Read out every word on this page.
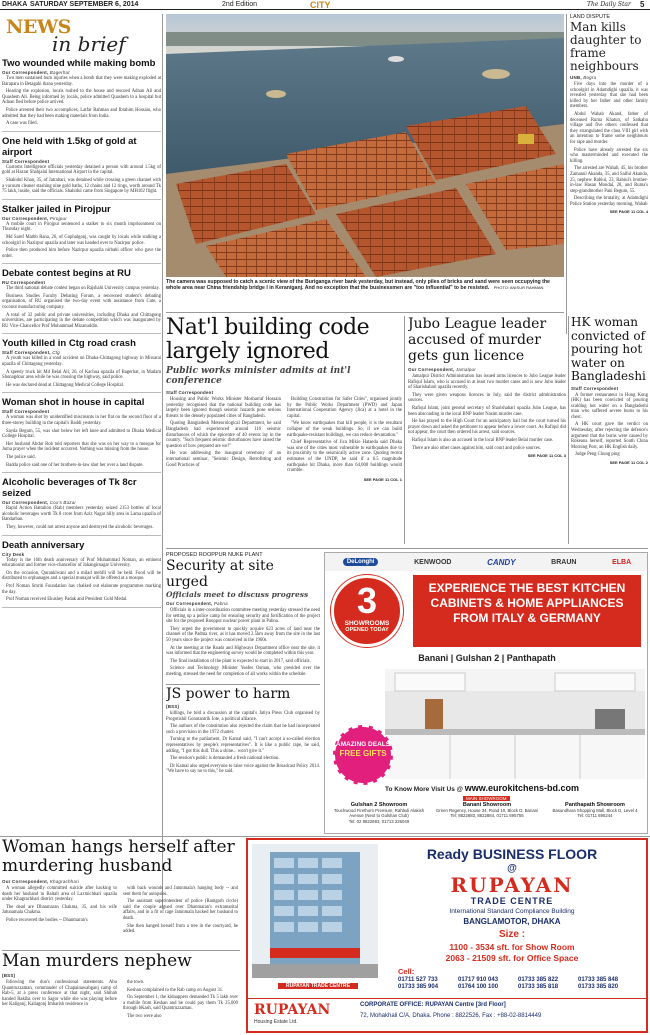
DHAKA SATURDAY SEPTEMBER 6, 2014	2nd Edition	CITY	The Daily Star 5
NEWS
in brief
Two wounded while making bomb
Our Correspondent, Bagerhat

Two men sustained burn injuries when a bomb that they were making exploded at Barapara in Betagahi thana yesterday.

Hearing the explosion, locals rushed to the house and rescued Adnan Ali and Quashem Ali. Being informed by locals, police admitted Quashem to a hospital but Adnan fled before police arrived.

Police arrested their two accomplices, Latfar Rahman and Ibrahim Hossain, who admitted that they had been making materials from India.

A case was filed.

One held with 1.5kg of gold at airport
Staff Correspondent

Customs Intelligence officials yesterday detained a person with around 1.5kg of gold at Hazrat Shahjalal International Airport in the capital.

Shahidul Khan, 35, of Jatrabari, was detained while crossing a green channel with a vacuum cleaner stashing nine gold baths, 12 chains and 12 rings, worth around Tk 75 lakh, inside, said the officials. Shahidul came from Singapore by MH102 flight.

Stalker jailed in Pirojpur
Our Correspondent, Pirojpur

A mobile court in Pirojpur sentenced a stalker to six month imprisonment on Thursday night.

Md Saref Matbb Rana, 26, of Gophalgonj, was caught by locals while stalking a schoolgirl in Nazirpur upazila and later was handed over to Nazirpur police.

Police then produced him before Nazirpur upazila nirbahi officer who gave the order.

Debate contest begins at RU
RU Correspondent

The third national debate contest began on Rajshahi University campus yesterday.

Business Studies Faculty Debating Forum, a renowned student's debating organisation, of RU organised the two-day event with assistance from Cute, a coconut manufacturing company.

A total of 32 public and private universities, including Dhaka and Chittagong universities, are participating in the debate competition which was inaugurated by RU Vice-Chancellor Prof Muhammad Mizanuddin.

Youth killed in Ctg road crash
Staff Correspondent, Ctg

A youth was killed in a road accident on Dhaka-Chittagong highway in Mirsarai upazila of Chittagong yesterday.

A speedy truck hit Md Belal Ali, 26, of Kachua upazila of Bagerhat, in Madam Shonagdour area while he was crossing the highway, said police.

He was declared dead at Chittagong Medical College Hospital.

Woman shot in house in capital
Staff Correspondent

A woman was shot by unidentified miscreants in her flat on the second floor of a three-storey building in the capital's Baddi yesterday.

Sayda Begum, 55, was shot below her left knee and admitted to Dhaka Medical College Hospital.

Her husband Abdur Rob told reporters that she was on her way to a mosque for Juma prayer when the incident occurred. Nothing was missing from the house.

The police said.

Badda police said one of her brothers-in-law shot her over a land dispute.

Alcoholic beverages of Tk 8cr seized
Our Correspondent, Cox's Bazar

Rapid Action Battalion (Rab) members yesterday seized 2153 bottles of local alcoholic beverages worth Tk 8 crore from Aziz Nagar hilly area in Lama upazila of Bandarban.

They, however, could not arrest anyone and destroyed the alcoholic beverages.

Death anniversary
City Desk

Today is the 16th death anniversary of Prof Muhammad Noman, an eminent educationist and former vice-chancellor of Jahangirnagar University.

On the occasion, Quranklwani and a milad mehfil will be held. Food will be distributed to orphanages and a special munajat will be offered at a mosque.

Prof Noman Smriti Foundation has chalked out elaborate programmes marking the day.

Prof Noman received Ekushey Padak and President Gold Medal.

The camera was supposed to catch a scenic view of the Buriganga river bank yesterday, but instead, only piles of bricks and sand were seen occupying the whole area near China friendship bridge I in Keraniganj. And no exception that the businessmen are "too influential" to be resisted. PHOTO: ANISUR RAHMAN
LAND DISPUTE
Man kills daughter to frame neighbours
UNB, Bogra

Five days into the murder of a schoolgirl in Adamdighi upazila, it was revealed yesterday that she had been killed by her father and other family members.

Abdul Wahab Akand, father of deceased Ruma Khatun, of Satkahu village and five others confessed that they strangulated the class VIII girl with an intention to frame some neighbours for rape and murder.

Police have already arrested the six who masterminded and executed the killing.

The arrested are Wahab, 45, his brother Zamanul Akanda, 35, and Saiful Akanda, 25, nephew Rabiul, 23, Rabiul's brother-in-law Hasan Mondal, 28, and Ruma's step-grandmother Pani Begum, 55.

Describing the brutality, at Adamdighi Police Station yesterday morning, Wahab

SEE PAGE 11 COL 4
Nat'l building code largely ignored
Public works minister admits at int'l conference
Staff Correspondent

Housing and Public Works Minister Mosharraf Hossain yesterday recognised that the national building code has largely been ignored though seismic hazards pose serious threats to the densely populated cities of Bangladesh.

Quoting Bangladesh Meteorological Department, he said Bangladesh had experienced around 116 seismic disturbances of which the epicentre of 40 events lay in the country. "Such frequent seismic disturbances have raised the question of how prepared are we?"

He was addressing the inaugural ceremony of an international seminar, "Seismic Design, Retrofitting and Good Practices of

Building Construction for Safer Cities", organised jointly by the Public Works Department (PWD) and Japan International Cooperation Agency (Jica) at a hotel in the capital.

"We know earthquakes that kill people, it is the resultant collapse of the weak buildings. So, if we can build earthquake-resistant buildings, we can reduce devastation."

Chief Representative of Jica Mikio Hataeda said Dhaka was one of the cities most vulnerable to earthquakes due to its proximity to the seismically active zone. Quoting recent estimates of the UNDP, he said if a 6.5 magnitude earthquake hit Dhaka, more than 64,000 buildings would crumble.

SEE PAGE 11 COL 1
Jubo League leader accused of murder gets gun licence
Our Correspondent, Jamalpur

Jamalpur District Administration has issued arms licences to Jubo League leader Rafiqul Islam, who is accused in at least two murder cases and is now Jubo leader of Sharishabari upazila recently.

They were given weapons licences in July, said the district administration sources.

Rafiqul Islam, joint general secretary of Sharishabari upazila Jubo League, has been absconding in the local BNP leader Nasim murder case.

He has prayed to the High Court for an anticipatory bail but the court turned his prayer down and asked the petitioner to appear before a lower court. As Rafiqul did not appear, the court then ordered his arrest, said sources.

Rafiqul Islam is also an accused in the local BNP leader Belal murder case.

There are also other cases against him, said court and police sources.

SEE PAGE 11 COL 3
HK woman convicted of pouring hot water on Bangladeshi
Staff Correspondent

A former restaurateur in Hong Kong (HK) has been convicted of pouring scalding hot water on a Bangladeshi man who suffered severe burns to his chest.

A HK court gave the verdict on Wednesday, after rejecting the defence's argument that the burns were caused by Rokeana herself, reported South China Morning Post, an HK English daily.

Judge Peng Chung ping

SEE PAGE 11 COL 2
PROPOSED ROOPPUR NUKE PLANT
Security at site urged
Officials meet to discuss progress
Our Correspondent, Pabna

Officials in a inter-coordination committee meeting yesterday stressed the need for setting up a police camp for ensuring security and fortification of the project site for the proposed Rooppur nuclear power plant in Pabna.

They urged the government to quickly acquire 623 acres of land near the channel of the Padma river, as it has moved 2.5km away from the site in the last 50 years since the project was conceived in the 1960s.

At the meeting at the Roads and Highways Department office near the site, it was informed that the engineering survey would be completed within this year.

The final installation of the plant is expected to start in 2017, said officials.

Science and Technology Minister Yeafes Osman, who presided over the meeting, stressed the need for completion of all works within the schedule.

JS power to harm
(BSS)

killings, he told a discussion at the capital's Jatiya Press Club organised by Progotishil Gonotantrik Jote, a political alliance.

The authors of the constitution also rejected the claim that he had incorporated such a provision in the 1972 charter.

Turning to the parliament, Dr Kamal said, "I can't accept a so-called election representatives by people's representatives". It is like a public rape, he said, adding, "I got this dull. This a shine... won't give it."

The session's public is demanded a fresh national election.

Dr Kamal also urged everyone to raise voice against the Broadcast Policy 2014. "We have to say no to this," he said.

DeLonghi	KENWOOD	CANDY	BRAUN	ELBA
3
SHOWROOMS
OPENED TODAY
EXPERIENCE THE BEST KITCHEN CABINETS & HOME APPLIANCES FROM ITALY & GERMANY
Banani | Gulshan 2 | Panthapath
AMAZING DEALS
FREE GIFTS
To Know More Visit Us @ www.eurokitchens-bd.com
MAIN SHOWROOM
Gulshan 2 Showroom
Touchwood Firethorn Premium, Rahbuli Alakish Avenue (Next to Gulshan Club)
Tel: 02 8822883, 01713 226049
Banani Showroom
Green Regency, House 34, Road 10, Block D, Banani
Tel: 8822883, 8822884, 01711 595755
Panthapath Showroom
Basundhara Shopping Mall, Block D, Level 4
Tel: 01711 695244
Woman hangs herself after murdering husband
Our Correspondent, Khagrachhari

A woman allegedly committed suicide after hacking to death her husband in Baltali area of Laxmichhari upazila under Khagrachhari district yesterday.

The dead are Dhanmaran Chakma, 35, and his wife Jatunamala Chakma.

Police recovered the bodies -- Dhanmaran's

with back wounds and Jatunmala's hanging body -- and sent them for autopsies.

The assistant superintendent of police (Ramgarh circle) said the couple argued over Dhanmaran's extramarital affairs, and in a fit of rage Jatunmala hacked her husband to death.

She then hanged herself from a tree in the courtyard, he added.

Man murders nephew
(BSS)

following the duo's confessional statements. Abu Quamruzzaman, commander of Chapainawabganj camp of Rab-5, at a press conference at that night, said Shihab handed Rakiba over to Sagor while she was playing before her Kaligonj, Kaliagonj Imbarish residence in

the town.

Keshan complained to the Rab camp on August 31.

On September 1, the kidnappers demanded Tk 5 lakh over a mobile from Keshan and he could pay them Tk 25,000 through bKash, said Quamruzzaman.

The two were also

RUPAYAN TRADE CENTRE
Ready BUSINESS FLOOR
@
RUPAYAN
TRADE CENTRE
International Standard Compliance Building
BANGLAMOTOR, DHAKA
Size :
1100 - 3534 sft. for Show Room
2063 - 21509 sft. for Office Space
Cell:
01711 527 733	01717 910 043	01733 385 822	01733 385 848
01733 385 904	01764 100 100	01733 385 818	01733 385 820
RUPAYAN
Housing Estate Ltd.
CORPORATE OFFICE: RUPAYAN Centre [3rd Floor]
72, Mohakhali C/A, Dhaka. Phone : 8822526, Fax : +88-02-8814449
